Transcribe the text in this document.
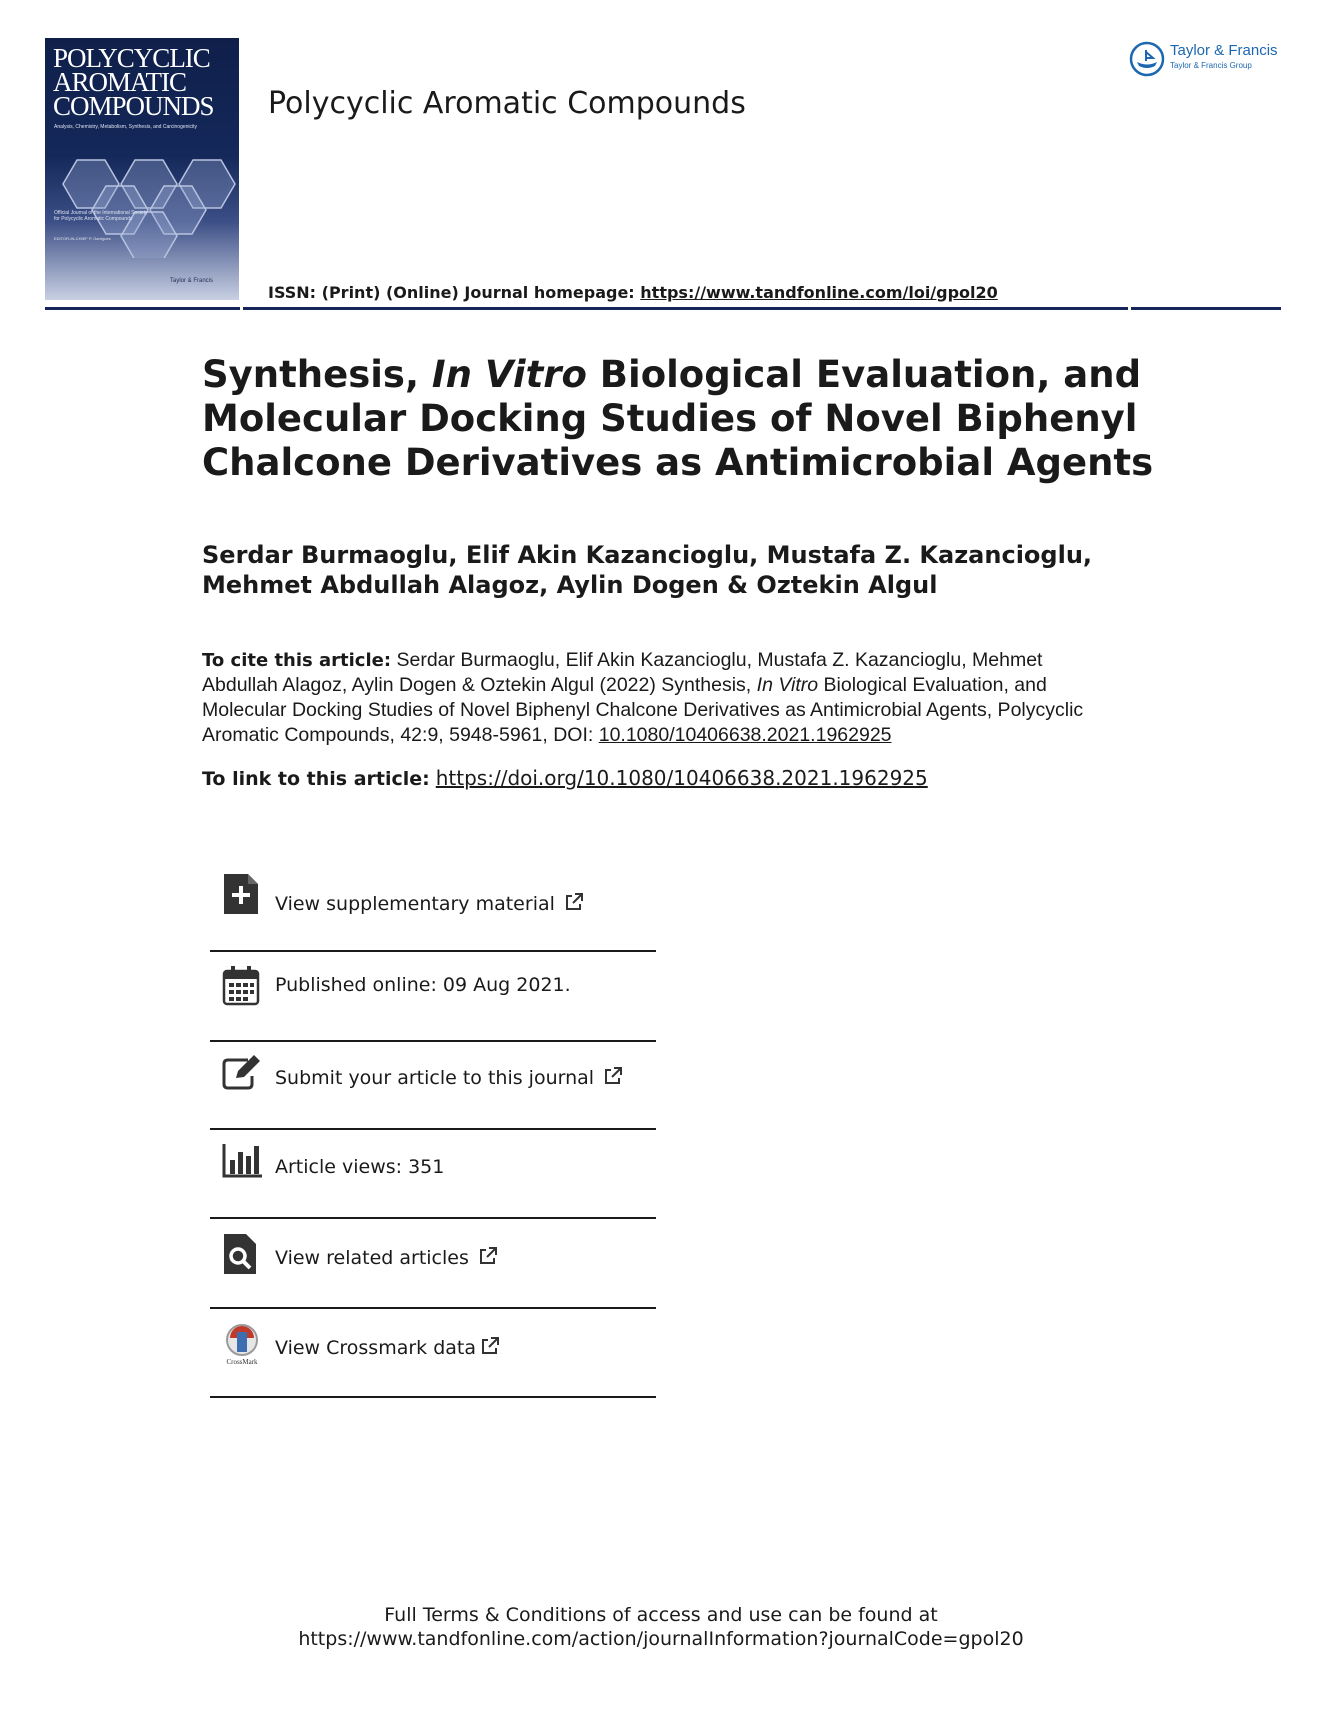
POLYCYCLIC
AROMATIC
COMPOUNDS
Analysis, Chemistry, Metabolism, Synthesis, and Carcinogenicity
Official Journal of the International Society for Polycyclic Aromatic Compounds
EDITOR-IN-CHIEF P. Garrigues
Taylor & Francis
Polycyclic Aromatic Compounds
Taylor & Francis
Taylor & Francis Group
ISSN: (Print) (Online) Journal homepage: https://www.tandfonline.com/loi/gpol20
Synthesis, In Vitro Biological Evaluation, and Molecular Docking Studies of Novel Biphenyl Chalcone Derivatives as Antimicrobial Agents
Serdar Burmaoglu, Elif Akin Kazancioglu, Mustafa Z. Kazancioglu, Mehmet Abdullah Alagoz, Aylin Dogen & Oztekin Algul
To cite this article: Serdar Burmaoglu, Elif Akin Kazancioglu, Mustafa Z. Kazancioglu, Mehmet Abdullah Alagoz, Aylin Dogen & Oztekin Algul (2022) Synthesis, In Vitro Biological Evaluation, and Molecular Docking Studies of Novel Biphenyl Chalcone Derivatives as Antimicrobial Agents, Polycyclic Aromatic Compounds, 42:9, 5948-5961, DOI: 10.1080/10406638.2021.1962925
To link to this article: https://doi.org/10.1080/10406638.2021.1962925
View supplementary material
Published online: 09 Aug 2021.
Submit your article to this journal
Article views: 351
View related articles
CrossMark
View Crossmark data
Full Terms & Conditions of access and use can be found at
https://www.tandfonline.com/action/journalInformation?journalCode=gpol20
